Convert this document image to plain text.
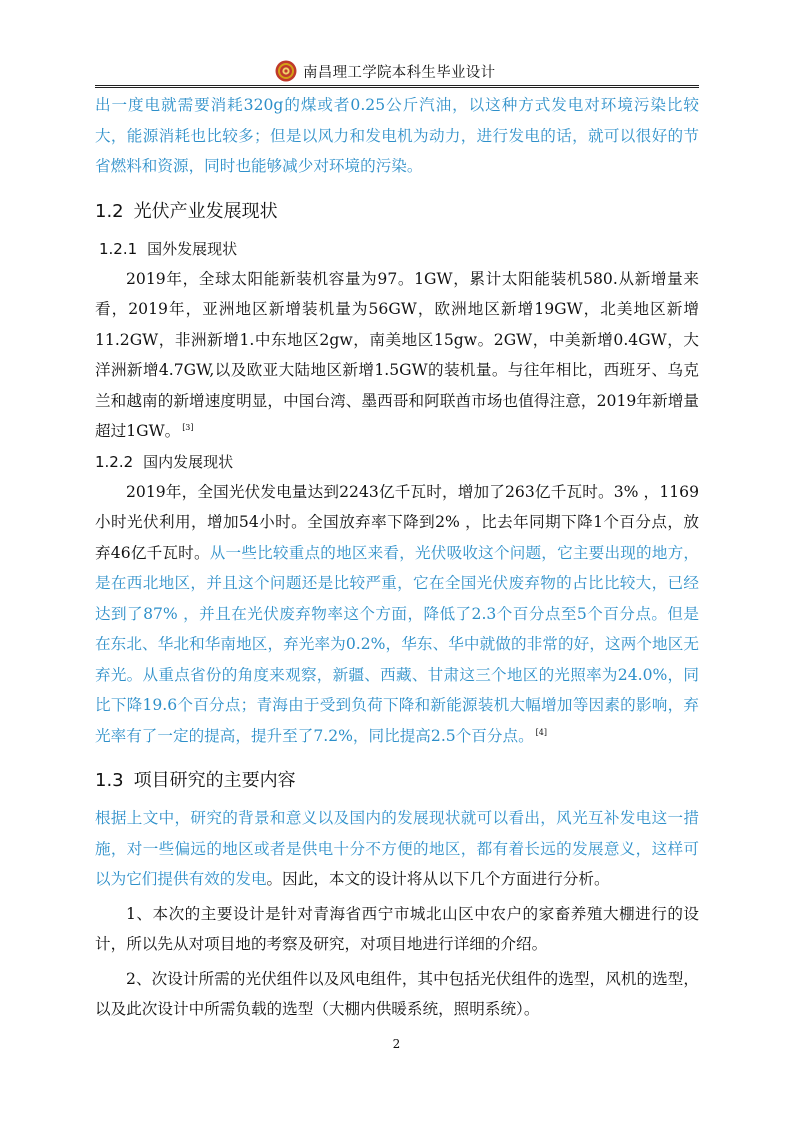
南昌理工学院本科生毕业设计

出一度电就需要消耗320g的煤或者0.25公斤汽油，以这种方式发电对环境污染比较大，能源消耗也比较多；但是以风力和发电机为动力，进行发电的话，就可以很好的节省燃料和资源，同时也能够减少对环境的污染。

1.2 光伏产业发展现状
1.2.1 国外发展现状

2019年，全球太阳能新装机容量为97。1GW，累计太阳能装机580.从新增量来看，2019年，亚洲地区新增装机量为56GW，欧洲地区新增19GW，北美地区新增11.2GW，非洲新增1.中东地区2gw，南美地区15gw。2GW，中美新增0.4GW，大洋洲新增4.7GW,以及欧亚大陆地区新增1.5GW的装机量。与往年相比，西班牙、乌克兰和越南的新增速度明显，中国台湾、墨西哥和阿联酋市场也值得注意，2019年新增量超过1GW。 [3]

1.2.2 国内发展现状

2019年，全国光伏发电量达到2243亿千瓦时，增加了263亿千瓦时。3% ，1169小时光伏利用，增加54小时。全国放弃率下降到2% ，比去年同期下降1个百分点，放弃46亿千瓦时。从一些比较重点的地区来看，光伏吸收这个问题，它主要出现的地方，是在西北地区，并且这个问题还是比较严重，它在全国光伏废弃物的占比比较大，已经达到了87% ，并且在光伏废弃物率这个方面，降低了2.3个百分点至5个百分点。但是在东北、华北和华南地区，弃光率为0.2%，华东、华中就做的非常的好，这两个地区无弃光。从重点省份的角度来观察，新疆、西藏、甘肃这三个地区的光照率为24.0%，同比下降19.6个百分点；青海由于受到负荷下降和新能源装机大幅增加等因素的影响，弃光率有了一定的提高，提升至了7.2%，同比提高2.5个百分点。 [4]

1.3 项目研究的主要内容

根据上文中，研究的背景和意义以及国内的发展现状就可以看出，风光互补发电这一措施，对一些偏远的地区或者是供电十分不方便的地区，都有着长远的发展意义，这样可以为它们提供有效的发电。因此，本文的设计将从以下几个方面进行分析。

1、本次的主要设计是针对青海省西宁市城北山区中农户的家畜养殖大棚进行的设计，所以先从对项目地的考察及研究，对项目地进行详细的介绍。

2、次设计所需的光伏组件以及风电组件，其中包括光伏组件的选型，风机的选型，以及此次设计中所需负载的选型（大棚内供暖系统，照明系统）。

2
